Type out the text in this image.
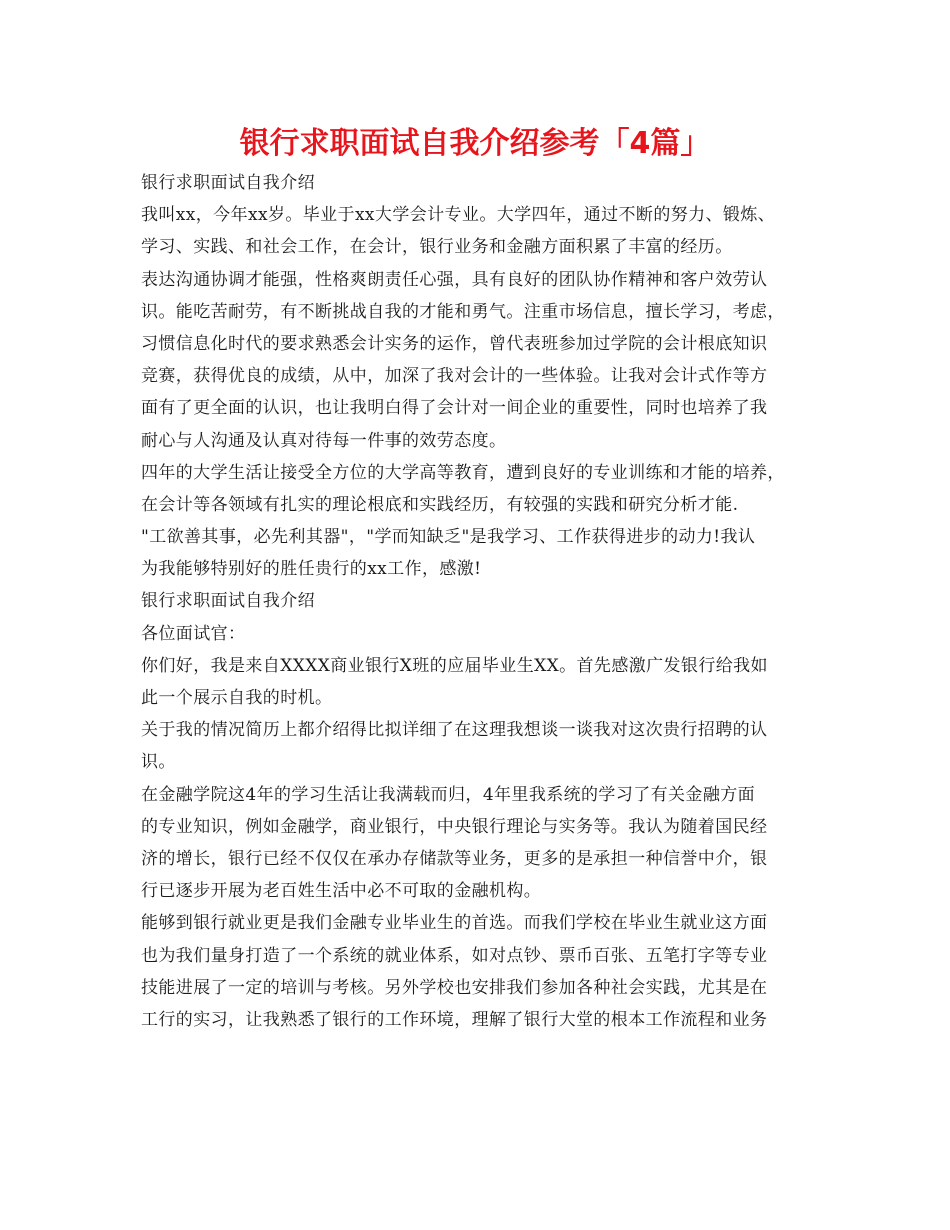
银行求职面试自我介绍参考「4篇」
银行求职面试自我介绍
我叫xx，今年xx岁。毕业于xx大学会计专业。大学四年，通过不断的努力、锻炼、
学习、实践、和社会工作，在会计，银行业务和金融方面积累了丰富的经历。
表达沟通协调才能强，性格爽朗责任心强，具有良好的团队协作精神和客户效劳认
识。能吃苦耐劳，有不断挑战自我的才能和勇气。注重市场信息，擅长学习，考虑，
习惯信息化时代的要求熟悉会计实务的运作，曾代表班参加过学院的会计根底知识
竞赛，获得优良的成绩，从中，加深了我对会计的一些体验。让我对会计式作等方
面有了更全面的认识，也让我明白得了会计对一间企业的重要性，同时也培养了我
耐心与人沟通及认真对待每一件事的效劳态度。
四年的大学生活让接受全方位的大学高等教育，遭到良好的专业训练和才能的培养，
在会计等各领域有扎实的理论根底和实践经历，有较强的实践和研究分析才能.
"工欲善其事，必先利其器"，"学而知缺乏"是我学习、工作获得进步的动力!我认
为我能够特别好的胜任贵行的xx工作，感激!
银行求职面试自我介绍
各位面试官：
你们好，我是来自XXXX商业银行X班的应届毕业生XX。首先感激广发银行给我如
此一个展示自我的时机。
关于我的情况简历上都介绍得比拟详细了在这理我想谈一谈我对这次贵行招聘的认
识。
在金融学院这4年的学习生活让我满载而归，4年里我系统的学习了有关金融方面
的专业知识，例如金融学，商业银行，中央银行理论与实务等。我认为随着国民经
济的增长，银行已经不仅仅在承办存储款等业务，更多的是承担一种信誉中介，银
行已逐步开展为老百姓生活中必不可取的金融机构。
能够到银行就业更是我们金融专业毕业生的首选。而我们学校在毕业生就业这方面
也为我们量身打造了一个系统的就业体系，如对点钞、票币百张、五笔打字等专业
技能进展了一定的培训与考核。另外学校也安排我们参加各种社会实践，尤其是在
工行的实习，让我熟悉了银行的工作环境，理解了银行大堂的根本工作流程和业务
